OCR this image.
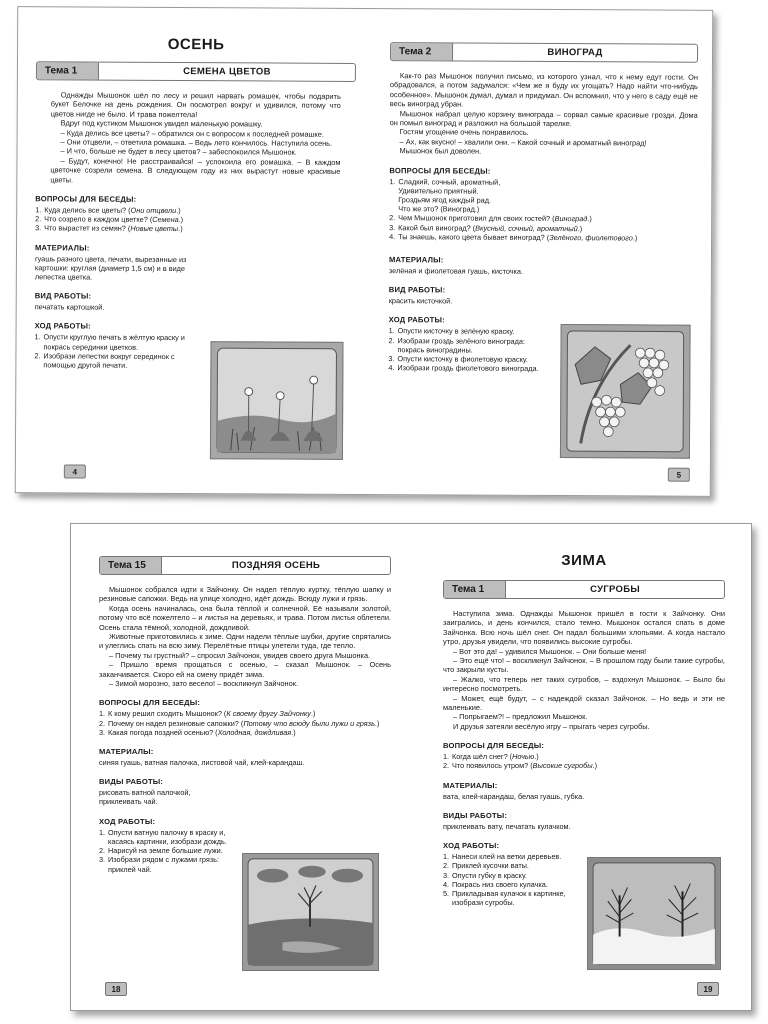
ОСЕНЬ
Тема 1	СЕМЕНА ЦВЕТОВ

Однажды Мышонок шёл по лесу и решил нарвать ромашек, чтобы подарить букет Белочке на день рождения. Он посмотрел вокруг и удивился, потому что цветов нигде не было. И трава пожелтела!

Вдруг под кустиком Мышонок увидел маленькую ромашку.

– Куда делись все цветы? – обратился он с вопросом к последней ромашке.

– Они отцвели, – ответила ромашка. – Ведь лето кончилось. Наступила осень.

– И что, больше не будет в лесу цветов? – забеспокоился Мышонок.

– Будут, конечно! Не расстраивайся! – успокоила его ромашка. – В каждом цветочке созрели семена. В следующем году из них вырастут новые красивые цветы.

ВОПРОСЫ ДЛЯ БЕСЕДЫ:
1. Куда делись все цветы? (Они отцвели.)
2. Что созрело в каждом цветке? (Семена.)
3. Что вырастет из семян? (Новые цветы.)
МАТЕРИАЛЫ:
гуашь разного цвета, печати, вырезанные из картошки: круглая (диаметр 1,5 см) и в виде лепестка цветка.
ВИД РАБОТЫ:
печатать картошкой.
ХОД РАБОТЫ:
1. Опусти круглую печать в жёлтую краску и покрась серединки цветков.
2. Изобрази лепестки вокруг серединок с помощью другой печати.
4
Тема 2	ВИНОГРАД

Как-то раз Мышонок получил письмо, из которого узнал, что к нему едут гости. Он обрадовался, а потом задумался: «Чем же я буду их угощать? Надо найти что-нибудь особенное». Мышонок думал, думал и придумал. Он вспомнил, что у него в саду ещё не весь виноград убран.

Мышонок набрал целую корзину винограда – сорвал самые красивые грозди. Дома он помыл виноград и разложил на большой тарелке.

Гостям угощение очень понравилось.

– Ах, как вкусно! – хвалили они. – Какой сочный и ароматный виноград!

Мышонок был доволен.

ВОПРОСЫ ДЛЯ БЕСЕДЫ:
1. Сладкий, сочный, ароматный,
Удивительно приятный.
Гроздьям ягод каждый рад.
Что же это? (Виноград.)
2. Чем Мышонок приготовил для своих гостей? (Виноград.)
3. Какой был виноград? (Вкусный, сочный, ароматный.)
4. Ты знаешь, какого цвета бывает виноград? (Зелёного, фиолетового.)
МАТЕРИАЛЫ:
зелёная и фиолетовая гуашь, кисточка.
ВИД РАБОТЫ:
красить кисточкой.
ХОД РАБОТЫ:
1. Опусти кисточку в зелёную краску.
2. Изобрази гроздь зелёного винограда: покрась виноградины.
3. Опусти кисточку в фиолетовую краску.
4. Изобрази гроздь фиолетового винограда.
5
Тема 15	ПОЗДНЯЯ ОСЕНЬ

Мышонок собрался идти к Зайчонку. Он надел тёплую куртку, тёплую шапку и резиновые сапожки. Ведь на улице холодно, идёт дождь. Всюду лужи и грязь.

Когда осень начиналась, она была тёплой и солнечной. Её называли золотой, потому что всё пожелтело – и листья на деревьях, и трава. Потом листья облетели. Осень стала тёмной, холодной, дождливой.

Животные приготовились к зиме. Одни надели тёплые шубки, другие спрятались и улеглись спать на всю зиму. Перелётные птицы улетели туда, где тепло.

– Почему ты грустный? – спросил Зайчонок, увидев своего друга Мышонка.

– Пришло время прощаться с осенью, – сказал Мышонок. – Осень заканчивается. Скоро ей на смену придёт зима.

– Зимой морозно, зато весело! – воскликнул Зайчонок.

ВОПРОСЫ ДЛЯ БЕСЕДЫ:
1. К кому решил сходить Мышонок? (К своему другу Зайчонку.)
2. Почему он надел резиновые сапожки? (Потому что всюду были лужи и грязь.)
3. Какая погода поздней осенью? (Холодная, дождливая.)
МАТЕРИАЛЫ:
синяя гуашь, ватная палочка, листовой чай, клей-карандаш.
ВИДЫ РАБОТЫ:
рисовать ватной палочкой, приклеивать чай.
ХОД РАБОТЫ:
1. Опусти ватную палочку в краску и, касаясь картинки, изобрази дождь.
2. Нарисуй на земле большие лужи.
3. Изобрази рядом с лужами грязь: приклей чай.
18
ЗИМА
Тема 1	СУГРОБЫ

Наступила зима. Однажды Мышонок пришёл в гости к Зайчонку. Они заигрались, и день кончился, стало темно. Мышонок остался спать в доме Зайчонка. Всю ночь шёл снег. Он падал большими хлопьями. А когда настало утро, друзья увидели, что появились высокие сугробы.

– Вот это да! – удивился Мышонок. – Они больше меня!

– Это ещё что! – воскликнул Зайчонок. – В прошлом году были такие сугробы, что закрыли кусты.

– Жалко, что теперь нет таких сугробов, – вздохнул Мышонок. – Было бы интересно посмотреть.

– Может, ещё будут, – с надеждой сказал Зайчонок. – Но ведь и эти не маленькие.

– Попрыгаем?! – предложил Мышонок.

И друзья затеяли весёлую игру – прыгать через сугробы.

ВОПРОСЫ ДЛЯ БЕСЕДЫ:
1. Когда шёл снег? (Ночью.)
2. Что появилось утром? (Высокие сугробы.)
МАТЕРИАЛЫ:
вата, клей-карандаш, белая гуашь, губка.
ВИДЫ РАБОТЫ:
приклеивать вату, печатать кулачком.
ХОД РАБОТЫ:
1. Нанеси клей на ветки деревьев.
2. Приклей кусочки ваты.
3. Опусти губку в краску.
4. Покрась низ своего кулачка.
5. Прикладывая кулачок к картинке, изобрази сугробы.
19
